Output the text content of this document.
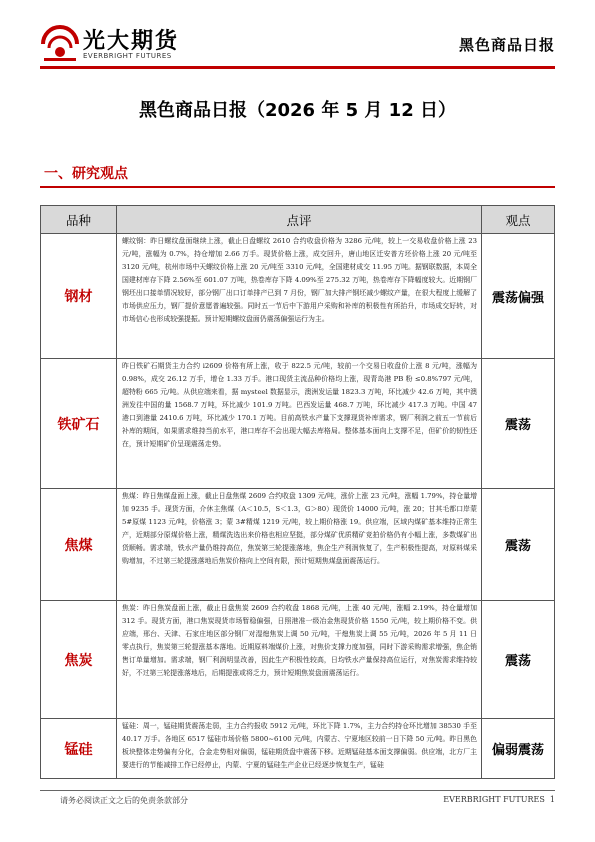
光大期货
EVERBRIGHT FUTURES
黑色商品日报
黑色商品日报（2026 年 5 月 12 日）
一、研究观点
品种	点评	观点
钢材	螺纹钢：昨日螺纹盘面继续上涨，截止日盘螺纹 2610 合约收盘价格为 3286 元/吨，较上一交易收盘价格上涨 23 元/吨，涨幅为 0.7%，持仓增加 2.66 万手。现货价格上涨，成交回升，唐山地区迁安普方坯价格上涨 20 元/吨至 3120 元/吨，杭州市场中天螺纹价格上涨 20 元/吨至 3310 元/吨，全国建材成交 11.95 万吨。据钢联数据，本周全国建材库存下降 2.56%至 601.07 万吨，热卷库存下降 4.09%至 275.32 万吨，热卷库存下降幅度较大。近期钢厂钢坯出口接单情况较好，部分钢厂出口订单排产已到 7 月份，钢厂加大排产钢坯减少螺纹产量，在很大程度上缓解了市场供应压力，钢厂提价意愿普遍较强。同时五一节后中下游用户采购和补库的积极性有所抬升，市场成交好转，对市场信心也形成较强提振。预计短期螺纹盘面仍震荡偏强运行为主。	震荡偏强
铁矿石	昨日铁矿石期货主力合约 i2609 价格有所上涨，收于 822.5 元/吨，较前一个交易日收盘价上涨 8 元/吨，涨幅为 0.98%，成交 26.12 万手，增仓 1.33 万手。港口现货主流品种价格均上涨，现青岛港 PB 粉 ≤0.8%797 元/吨，超特粉 665 元/吨。从供应端来看，据 mysteel 数据显示，澳洲发运量 1823.3 万吨，环比减少 42.6 万吨，其中澳洲发往中国的量 1568.7 万吨，环比减少 101.9 万吨。巴西发运量 468.7 万吨，环比减少 417.3 万吨。中国 47 港口到港量 2410.6 万吨，环比减少 170.1 万吨。目前高铁水产量下支撑现货补库需求，钢厂利润之前五一节前后补库的期间，如果需求维持当前水平，港口库存不会出现大幅去库格局。整体基本面向上支撑不足，但矿价的韧性还在，预计短期矿价呈现震荡走势。	震荡
焦煤	焦煤：昨日焦煤盘面上涨，截止日盘焦煤 2609 合约收盘 1309 元/吨，涨价上涨 23 元/吨，涨幅 1.79%，持仓量增加 9235 手。现货方面，介休主焦煤（A＜10.5，S＜1.3，G＞80）现货价 14000 元/吨，涨 20；甘其毛都口岸蒙 5#原煤 1123 元/吨，价格涨 3；蒙 3#精煤 1219 元/吨，较上期价格涨 19。供应端，区域内煤矿基本维持正常生产，近期部分原煤价格上涨，精煤洗选出来价格也相应坚挺，部分煤矿优质精矿竞拍价格仍有小幅上涨，多数煤矿出货顺畅。需求端，铁水产量仍维持高位，焦炭第三轮提涨落地，焦企生产利润恢复了，生产积极性提高，对原料煤采购增加，不过第三轮提涨落地后焦炭价格向上空间有限，预计短期焦煤盘面震荡运行。	震荡
焦炭	焦炭：昨日焦炭盘面上涨，截止日盘焦炭 2609 合约收盘 1868 元/吨，上涨 40 元/吨，涨幅 2.19%，持仓量增加 312 手。现货方面，港口焦炭现货市场暂稳偏强，日照港准一级冶金焦现货价格 1550 元/吨，较上期价格不变。供应端，邢台、天津、石家庄地区部分钢厂对湿熄焦炭上调 50 元/吨，干熄焦炭上调 55 元/吨，2026 年 5 月 11 日零点执行，焦炭第三轮提涨基本落地。近期原料端煤价上涨，对焦价支撑力度加强，同时下游采购需求增强，焦企销售订单量增加。需求端，钢厂利润明显改善，因此生产积极性较高，日均铁水产量保持高位运行，对焦炭需求维持较好，不过第三轮提涨落地后，后期提涨或将乏力，预计短期焦炭盘面震荡运行。	震荡
锰硅	锰硅：周一，锰硅期货震荡走弱，主力合约报收 5912 元/吨，环比下降 1.7%，主力合约持仓环比增加 38530 手至 40.17 万手。各地区 6517 锰硅市场价格 5800~6100 元/吨，内蒙古、宁夏地区较前一日下降 50 元/吨。昨日黑色板块整体走势偏有分化，合金走势相对偏弱，锰硅期货盘中震荡下移。近期锰硅基本面支撑偏弱。供应端，北方厂主要进行的节能减排工作已经停止，内蒙、宁夏的锰硅生产企业已经逐步恢复生产，锰硅	偏弱震荡
请务必阅读正文之后的免责条款部分	EVERBRIGHT FUTURES 1
